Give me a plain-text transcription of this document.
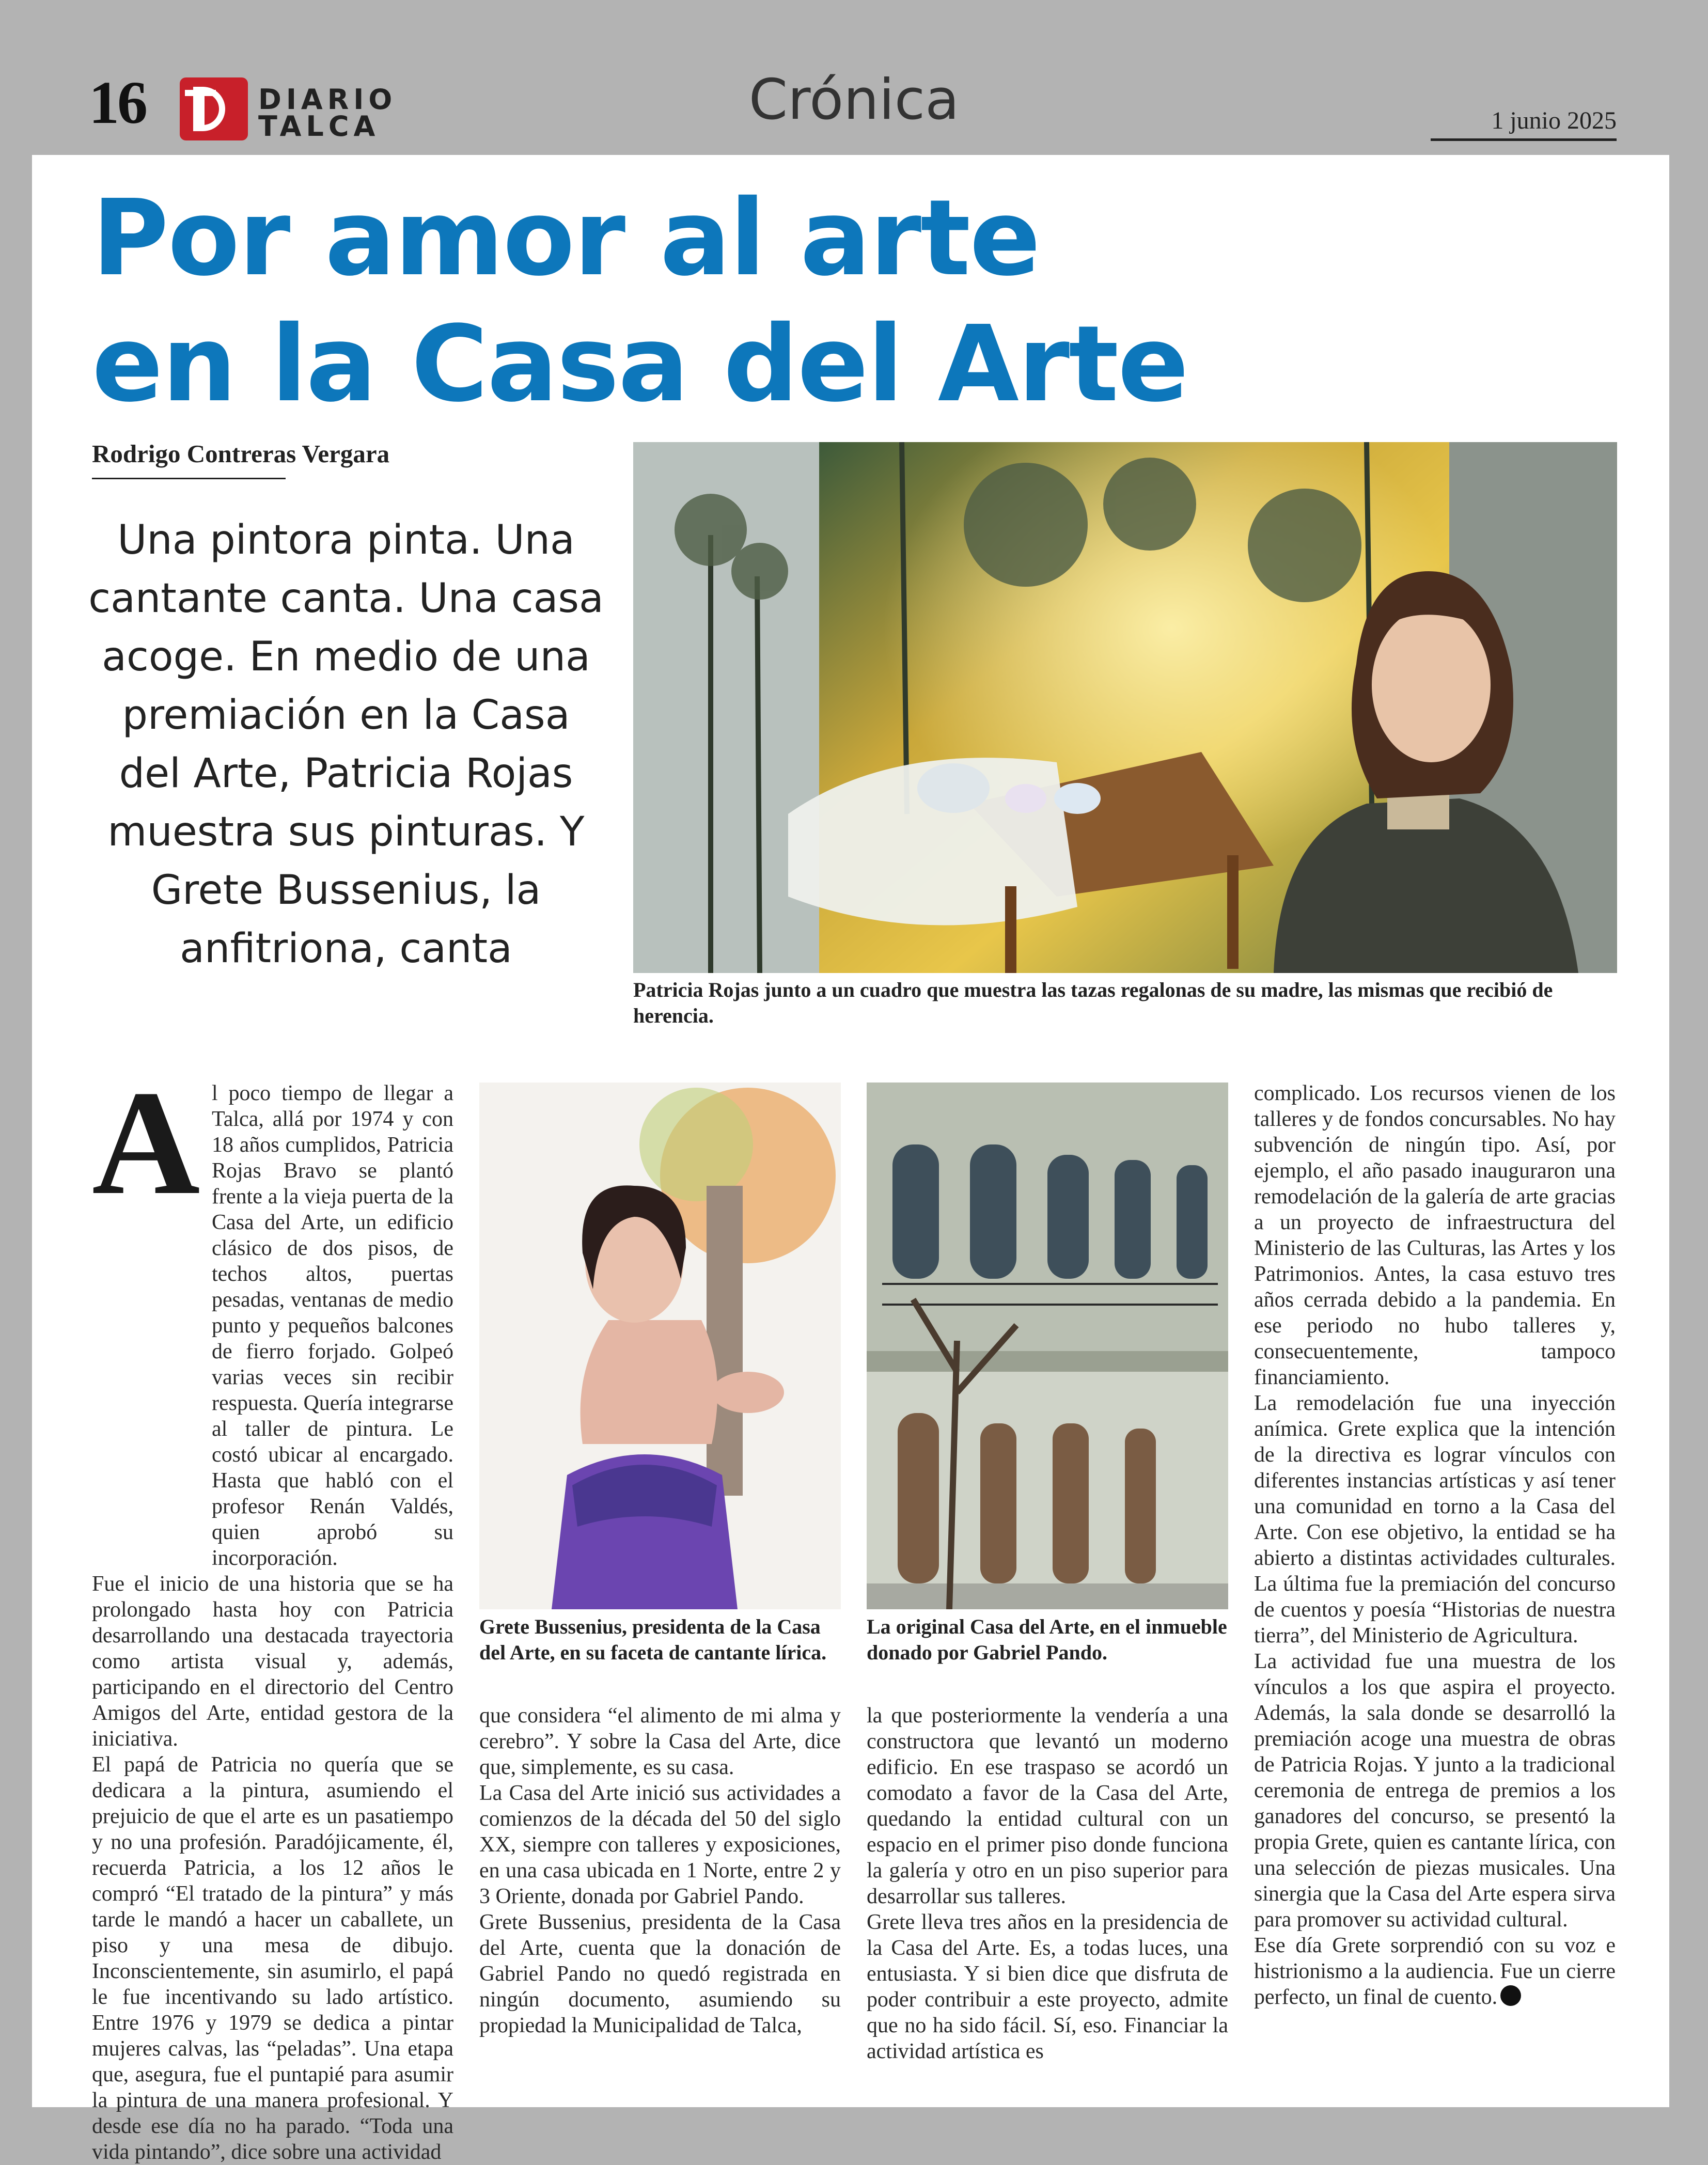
16	DIARIO
TALCA	Crónica	1 junio 2025
Por amor al arte
en la Casa del Arte
Rodrigo Contreras Vergara
Una pintora pinta. Una cantante canta. Una casa acoge. En medio de una premiación en la Casa del Arte, Patricia Rojas muestra sus pinturas. Y Grete Bussenius, la anfitriona, canta
Patricia Rojas junto a un cuadro que muestra las tazas regalonas de su madre, las mismas que recibió de herencia.
A l poco tiempo de llegar a Talca, allá por 1974 y con 18 años cumplidos, Patricia Rojas Bravo se plantó frente a la vieja puerta de la Casa del Arte, un edificio clásico de dos pisos, de techos altos, puertas pesadas, ventanas de medio punto y pequeños balcones de fierro forjado. Golpeó varias veces sin recibir respuesta. Quería integrarse al taller de pintura. Le costó ubicar al encargado. Hasta que habló con el profesor Renán Valdés, quien aprobó su incorporación.

Fue el inicio de una historia que se ha prolongado hasta hoy con Patricia desarrollando una destacada trayectoria como artista visual y, además, participando en el directorio del Centro Amigos del Arte, entidad gestora de la iniciativa.

El papá de Patricia no quería que se dedicara a la pintura, asumiendo el prejuicio de que el arte es un pasatiempo y no una profesión. Paradójicamente, él, recuerda Patricia, a los 12 años le compró “El tratado de la pintura” y más tarde le mandó a hacer un caballete, un piso y una mesa de dibujo. Inconscientemente, sin asumirlo, el papá le fue incentivando su lado artístico. Entre 1976 y 1979 se dedica a pintar mujeres calvas, las “peladas”. Una etapa que, asegura, fue el puntapié para asumir la pintura de una manera profesional. Y desde ese día no ha parado. “Toda una vida pintando”, dice sobre una actividad

Grete Bussenius, presidenta de la Casa del Arte, en su faceta de cantante lírica.

que considera “el alimento de mi alma y cerebro”. Y sobre la Casa del Arte, dice que, simplemente, es su casa.

La Casa del Arte inició sus actividades a comienzos de la década del 50 del siglo XX, siempre con talleres y exposiciones, en una casa ubicada en 1 Norte, entre 2 y 3 Oriente, donada por Gabriel Pando.

Grete Bussenius, presidenta de la Casa del Arte, cuenta que la donación de Gabriel Pando no quedó registrada en ningún documento, asumiendo su propiedad la Municipalidad de Talca,

La original Casa del Arte, en el inmueble donado por Gabriel Pando.

la que posteriormente la vendería a una constructora que levantó un moderno edificio. En ese traspaso se acordó un comodato a favor de la Casa del Arte, quedando la entidad cultural con un espacio en el primer piso donde funciona la galería y otro en un piso superior para desarrollar sus talleres.

Grete lleva tres años en la presidencia de la Casa del Arte. Es, a todas luces, una entusiasta. Y si bien dice que disfruta de poder contribuir a este proyecto, admite que no ha sido fácil. Sí, eso. Financiar la actividad artística es

complicado. Los recursos vienen de los talleres y de fondos concursables. No hay subvención de ningún tipo. Así, por ejemplo, el año pasado inauguraron una remodelación de la galería de arte gracias a un proyecto de infraestructura del Ministerio de las Culturas, las Artes y los Patrimonios. Antes, la casa estuvo tres años cerrada debido a la pandemia. En ese periodo no hubo talleres y, consecuentemente, tampoco financiamiento.

La remodelación fue una inyección anímica. Grete explica que la intención de la directiva es lograr vínculos con diferentes instancias artísticas y así tener una comunidad en torno a la Casa del Arte. Con ese objetivo, la entidad se ha abierto a distintas actividades culturales. La última fue la premiación del concurso de cuentos y poesía “Historias de nuestra tierra”, del Ministerio de Agricultura.

La actividad fue una muestra de los vínculos a los que aspira el proyecto. Además, la sala donde se desarrolló la premiación acoge una muestra de obras de Patricia Rojas. Y junto a la tradicional ceremonia de entrega de premios a los ganadores del concurso, se presentó la propia Grete, quien es cantante lírica, con una selección de piezas musicales. Una sinergia que la Casa del Arte espera sirva para promover su actividad cultural.

Ese día Grete sorprendió con su voz e histrionismo a la audiencia. Fue un cierre perfecto, un final de cuento.
